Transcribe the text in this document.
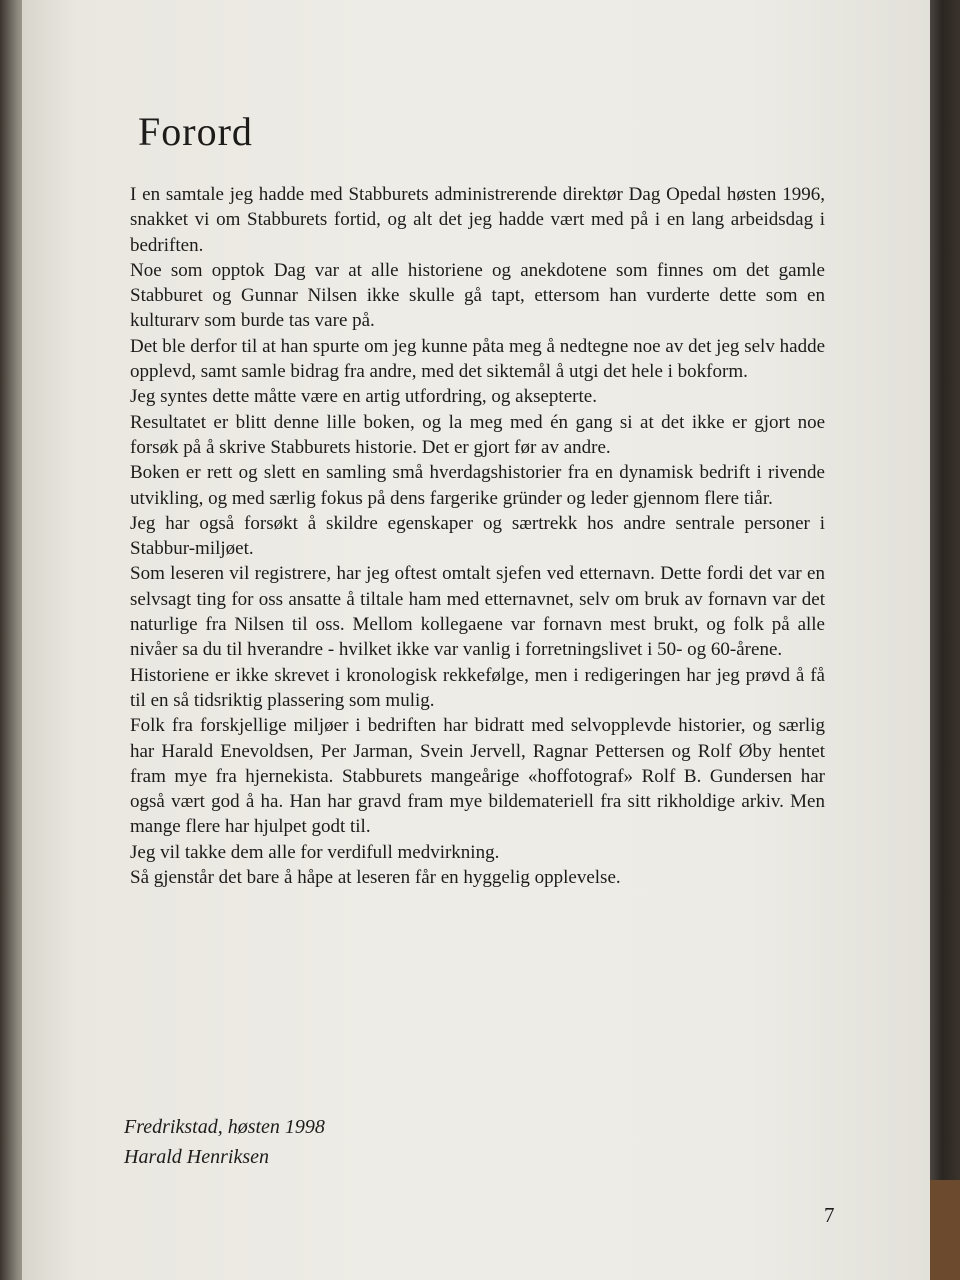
Forord

I en samtale jeg hadde med Stabburets administrerende direktør Dag Opedal høsten 1996, snakket vi om Stabburets fortid, og alt det jeg hadde vært med på i en lang arbeidsdag i bedriften.

Noe som opptok Dag var at alle historiene og anekdotene som finnes om det gamle Stabburet og Gunnar Nilsen ikke skulle gå tapt, ettersom han vurderte dette som en kulturarv som burde tas vare på.

Det ble derfor til at han spurte om jeg kunne påta meg å nedtegne noe av det jeg selv hadde opplevd, samt samle bidrag fra andre, med det siktemål å utgi det hele i bokform.

Jeg syntes dette måtte være en artig utfordring, og aksepterte.

Resultatet er blitt denne lille boken, og la meg med én gang si at det ikke er gjort noe forsøk på å skrive Stabburets historie. Det er gjort før av andre.

Boken er rett og slett en samling små hverdagshistorier fra en dynamisk bedrift i rivende utvikling, og med særlig fokus på dens fargerike gründer og leder gjennom flere tiår.

Jeg har også forsøkt å skildre egenskaper og særtrekk hos andre sentrale personer i Stabbur-miljøet.

Som leseren vil registrere, har jeg oftest omtalt sjefen ved etternavn. Dette fordi det var en selvsagt ting for oss ansatte å tiltale ham med etternavnet, selv om bruk av fornavn var det naturlige fra Nilsen til oss. Mellom kollegaene var fornavn mest brukt, og folk på alle nivåer sa du til hverandre - hvilket ikke var vanlig i forretningslivet i 50- og 60-årene.

Historiene er ikke skrevet i kronologisk rekkefølge, men i redigeringen har jeg prøvd å få til en så tidsriktig plassering som mulig.

Folk fra forskjellige miljøer i bedriften har bidratt med selvopplevde historier, og særlig har Harald Enevoldsen, Per Jarman, Svein Jervell, Ragnar Pettersen og Rolf Øby hentet fram mye fra hjernekista. Stabburets mangeårige «hoffotograf» Rolf B. Gundersen har også vært god å ha. Han har gravd fram mye bildemateriell fra sitt rikholdige arkiv. Men mange flere har hjulpet godt til.

Jeg vil takke dem alle for verdifull medvirkning.

Så gjenstår det bare å håpe at leseren får en hyggelig opplevelse.

Fredrikstad, høsten 1998
Harald Henriksen
7
